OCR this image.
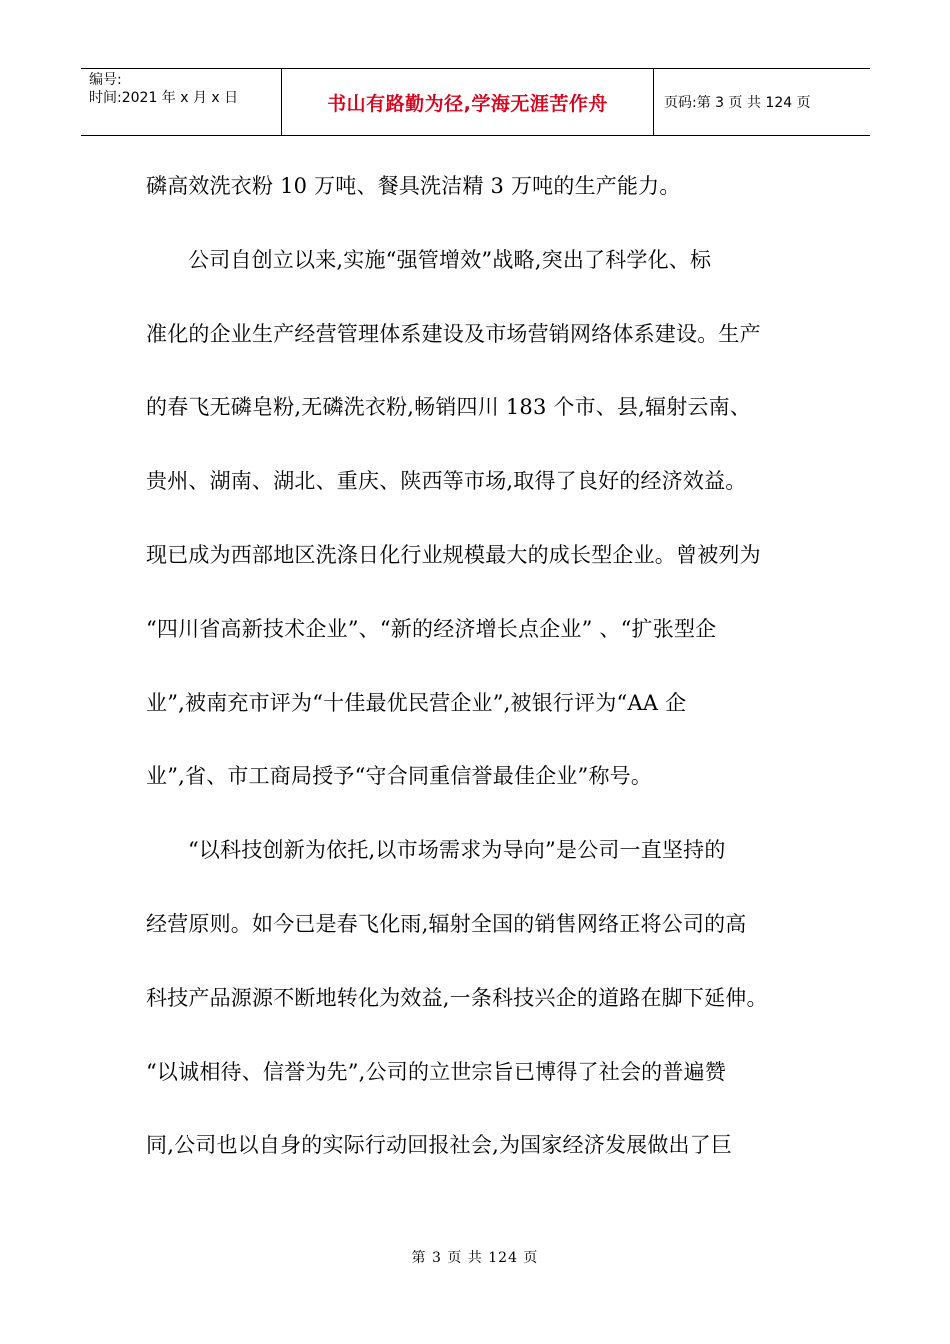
编号:
时间:2021 年 x 月 x 日	书山有路勤为径,学海无涯苦作舟	页码:第 3 页 共 124 页
磷高效洗衣粉 10 万吨、餐具洗洁精 3 万吨的生产能力。
公司自创立以来,实施“强管增效”战略,突出了科学化、标
准化的企业生产经营管理体系建设及市场营销网络体系建设。生产
的春飞无磷皂粉,无磷洗衣粉,畅销四川 183 个市、县,辐射云南、
贵州、湖南、湖北、重庆、陕西等市场,取得了良好的经济效益。
现已成为西部地区洗涤日化行业规模最大的成长型企业。曾被列为
“四川省高新技术企业”、“新的经济增长点企业” 、“扩张型企
业”,被南充市评为“十佳最优民营企业”,被银行评为“AA 企
业”,省、市工商局授予“守合同重信誉最佳企业”称号。
“以科技创新为依托,以市场需求为导向”是公司一直坚持的
经营原则。如今已是春飞化雨,辐射全国的销售网络正将公司的高
科技产品源源不断地转化为效益,一条科技兴企的道路在脚下延伸。
“以诚相待、信誉为先”,公司的立世宗旨已博得了社会的普遍赞
同,公司也以自身的实际行动回报社会,为国家经济发展做出了巨
第 3 页 共 124 页
